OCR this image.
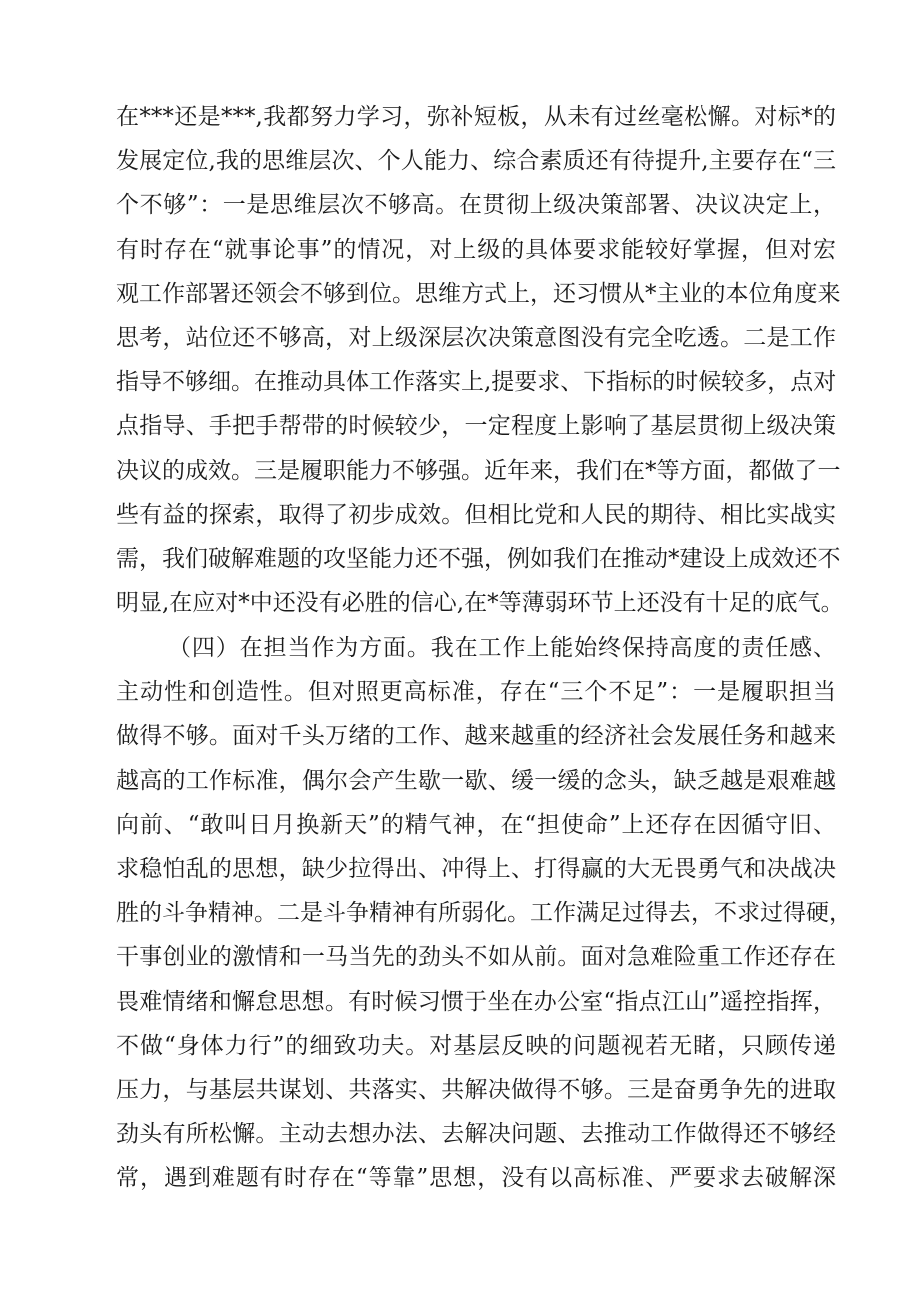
在***还是***,我都努力学习，弥补短板，从未有过丝毫松懈。对标*的
发展定位,我的思维层次、个人能力、综合素质还有待提升,主要存在“三
个不够”：一是思维层次不够高。在贯彻上级决策部署、决议决定上，
有时存在“就事论事”的情况，对上级的具体要求能较好掌握，但对宏
观工作部署还领会不够到位。思维方式上，还习惯从*主业的本位角度来
思考，站位还不够高，对上级深层次决策意图没有完全吃透。二是工作
指导不够细。在推动具体工作落实上,提要求、下指标的时候较多，点对
点指导、手把手帮带的时候较少，一定程度上影响了基层贯彻上级决策
决议的成效。三是履职能力不够强。近年来，我们在*等方面，都做了一
些有益的探索，取得了初步成效。但相比党和人民的期待、相比实战实
需，我们破解难题的攻坚能力还不强，例如我们在推动*建设上成效还不
明显,在应对*中还没有必胜的信心,在*等薄弱环节上还没有十足的底气。
（四）在担当作为方面。我在工作上能始终保持高度的责任感、
主动性和创造性。但对照更高标准，存在“三个不足”：一是履职担当
做得不够。面对千头万绪的工作、越来越重的经济社会发展任务和越来
越高的工作标准，偶尔会产生歇一歇、缓一缓的念头，缺乏越是艰难越
向前、“敢叫日月换新天”的精气神，在“担使命”上还存在因循守旧、
求稳怕乱的思想，缺少拉得出、冲得上、打得赢的大无畏勇气和决战决
胜的斗争精神。二是斗争精神有所弱化。工作满足过得去，不求过得硬，
干事创业的激情和一马当先的劲头不如从前。面对急难险重工作还存在
畏难情绪和懈怠思想。有时候习惯于坐在办公室“指点江山”遥控指挥，
不做“身体力行”的细致功夫。对基层反映的问题视若无睹，只顾传递
压力，与基层共谋划、共落实、共解决做得不够。三是奋勇争先的进取
劲头有所松懈。主动去想办法、去解决问题、去推动工作做得还不够经
常，遇到难题有时存在“等靠”思想，没有以高标准、严要求去破解深
